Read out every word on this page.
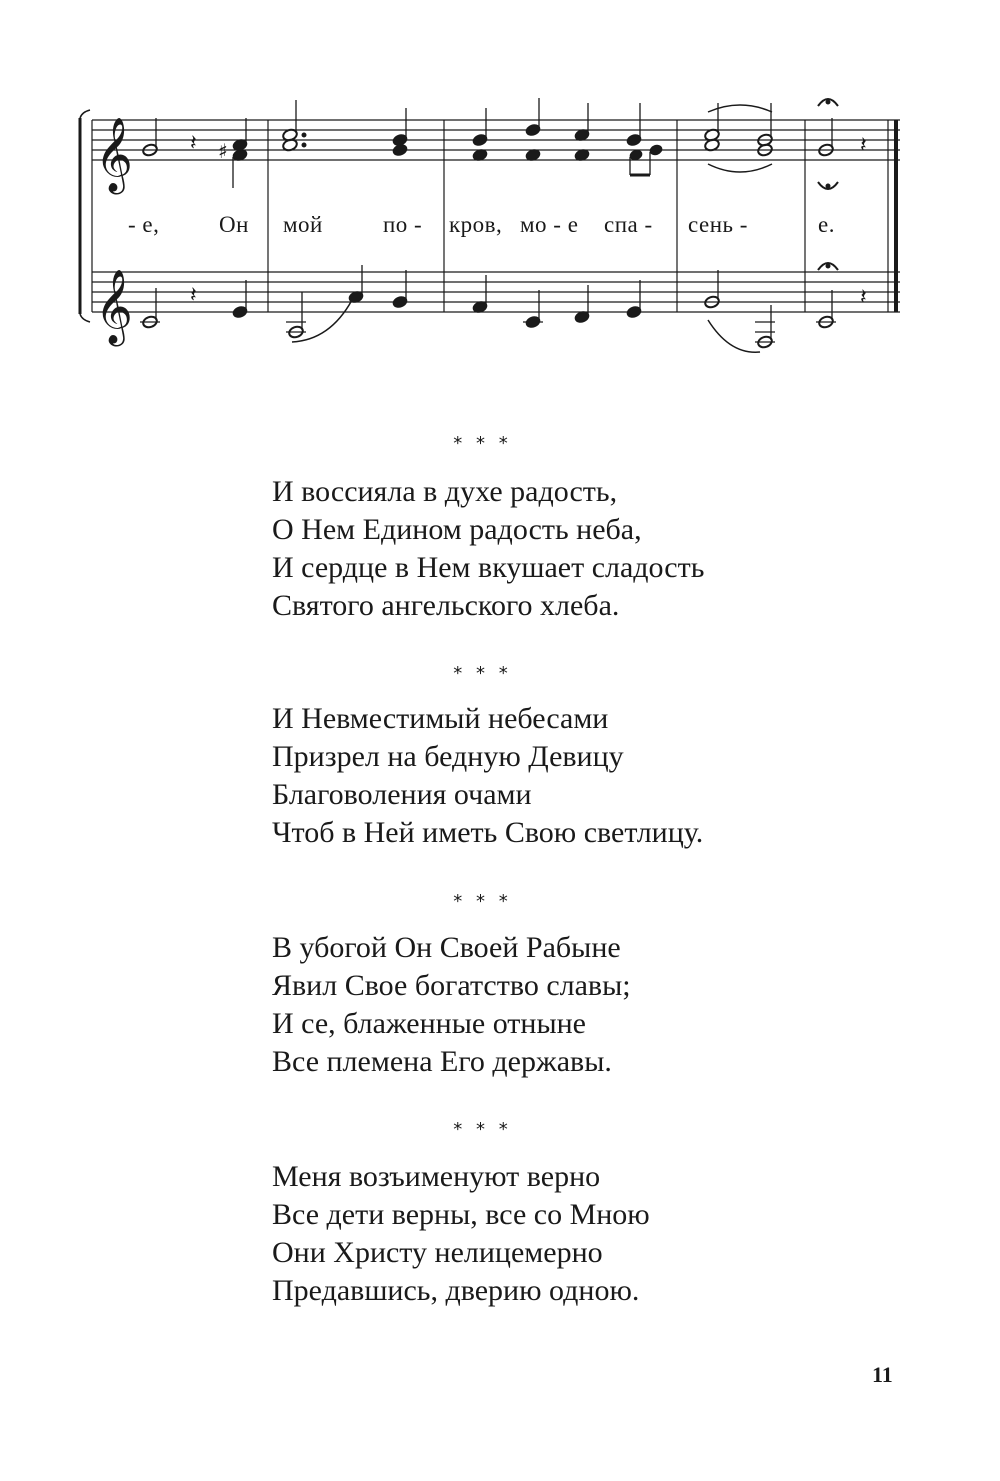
𝄞
𝄞
𝄽 ♯	𝄽
𝄽	𝄽
- е,	Он мой	по - кров, мо - е спа - сень -	е.
* * *
И воссияла в духе радость,
О Нем Едином радость неба,
И сердце в Нем вкушает сладость
Святого ангельского хлеба.
* * *
И Невместимый небесами
Призрел на бедную Девицу
Благоволения очами
Чтоб в Ней иметь Свою светлицу.
* * *
В убогой Он Своей Рабыне
Явил Свое богатство славы;
И се, блаженные отныне
Все племена Его державы.
* * *
Меня возъименуют верно
Все дети верны, все со Мною
Они Христу нелицемерно
Предавшись, дверию одною.
11
